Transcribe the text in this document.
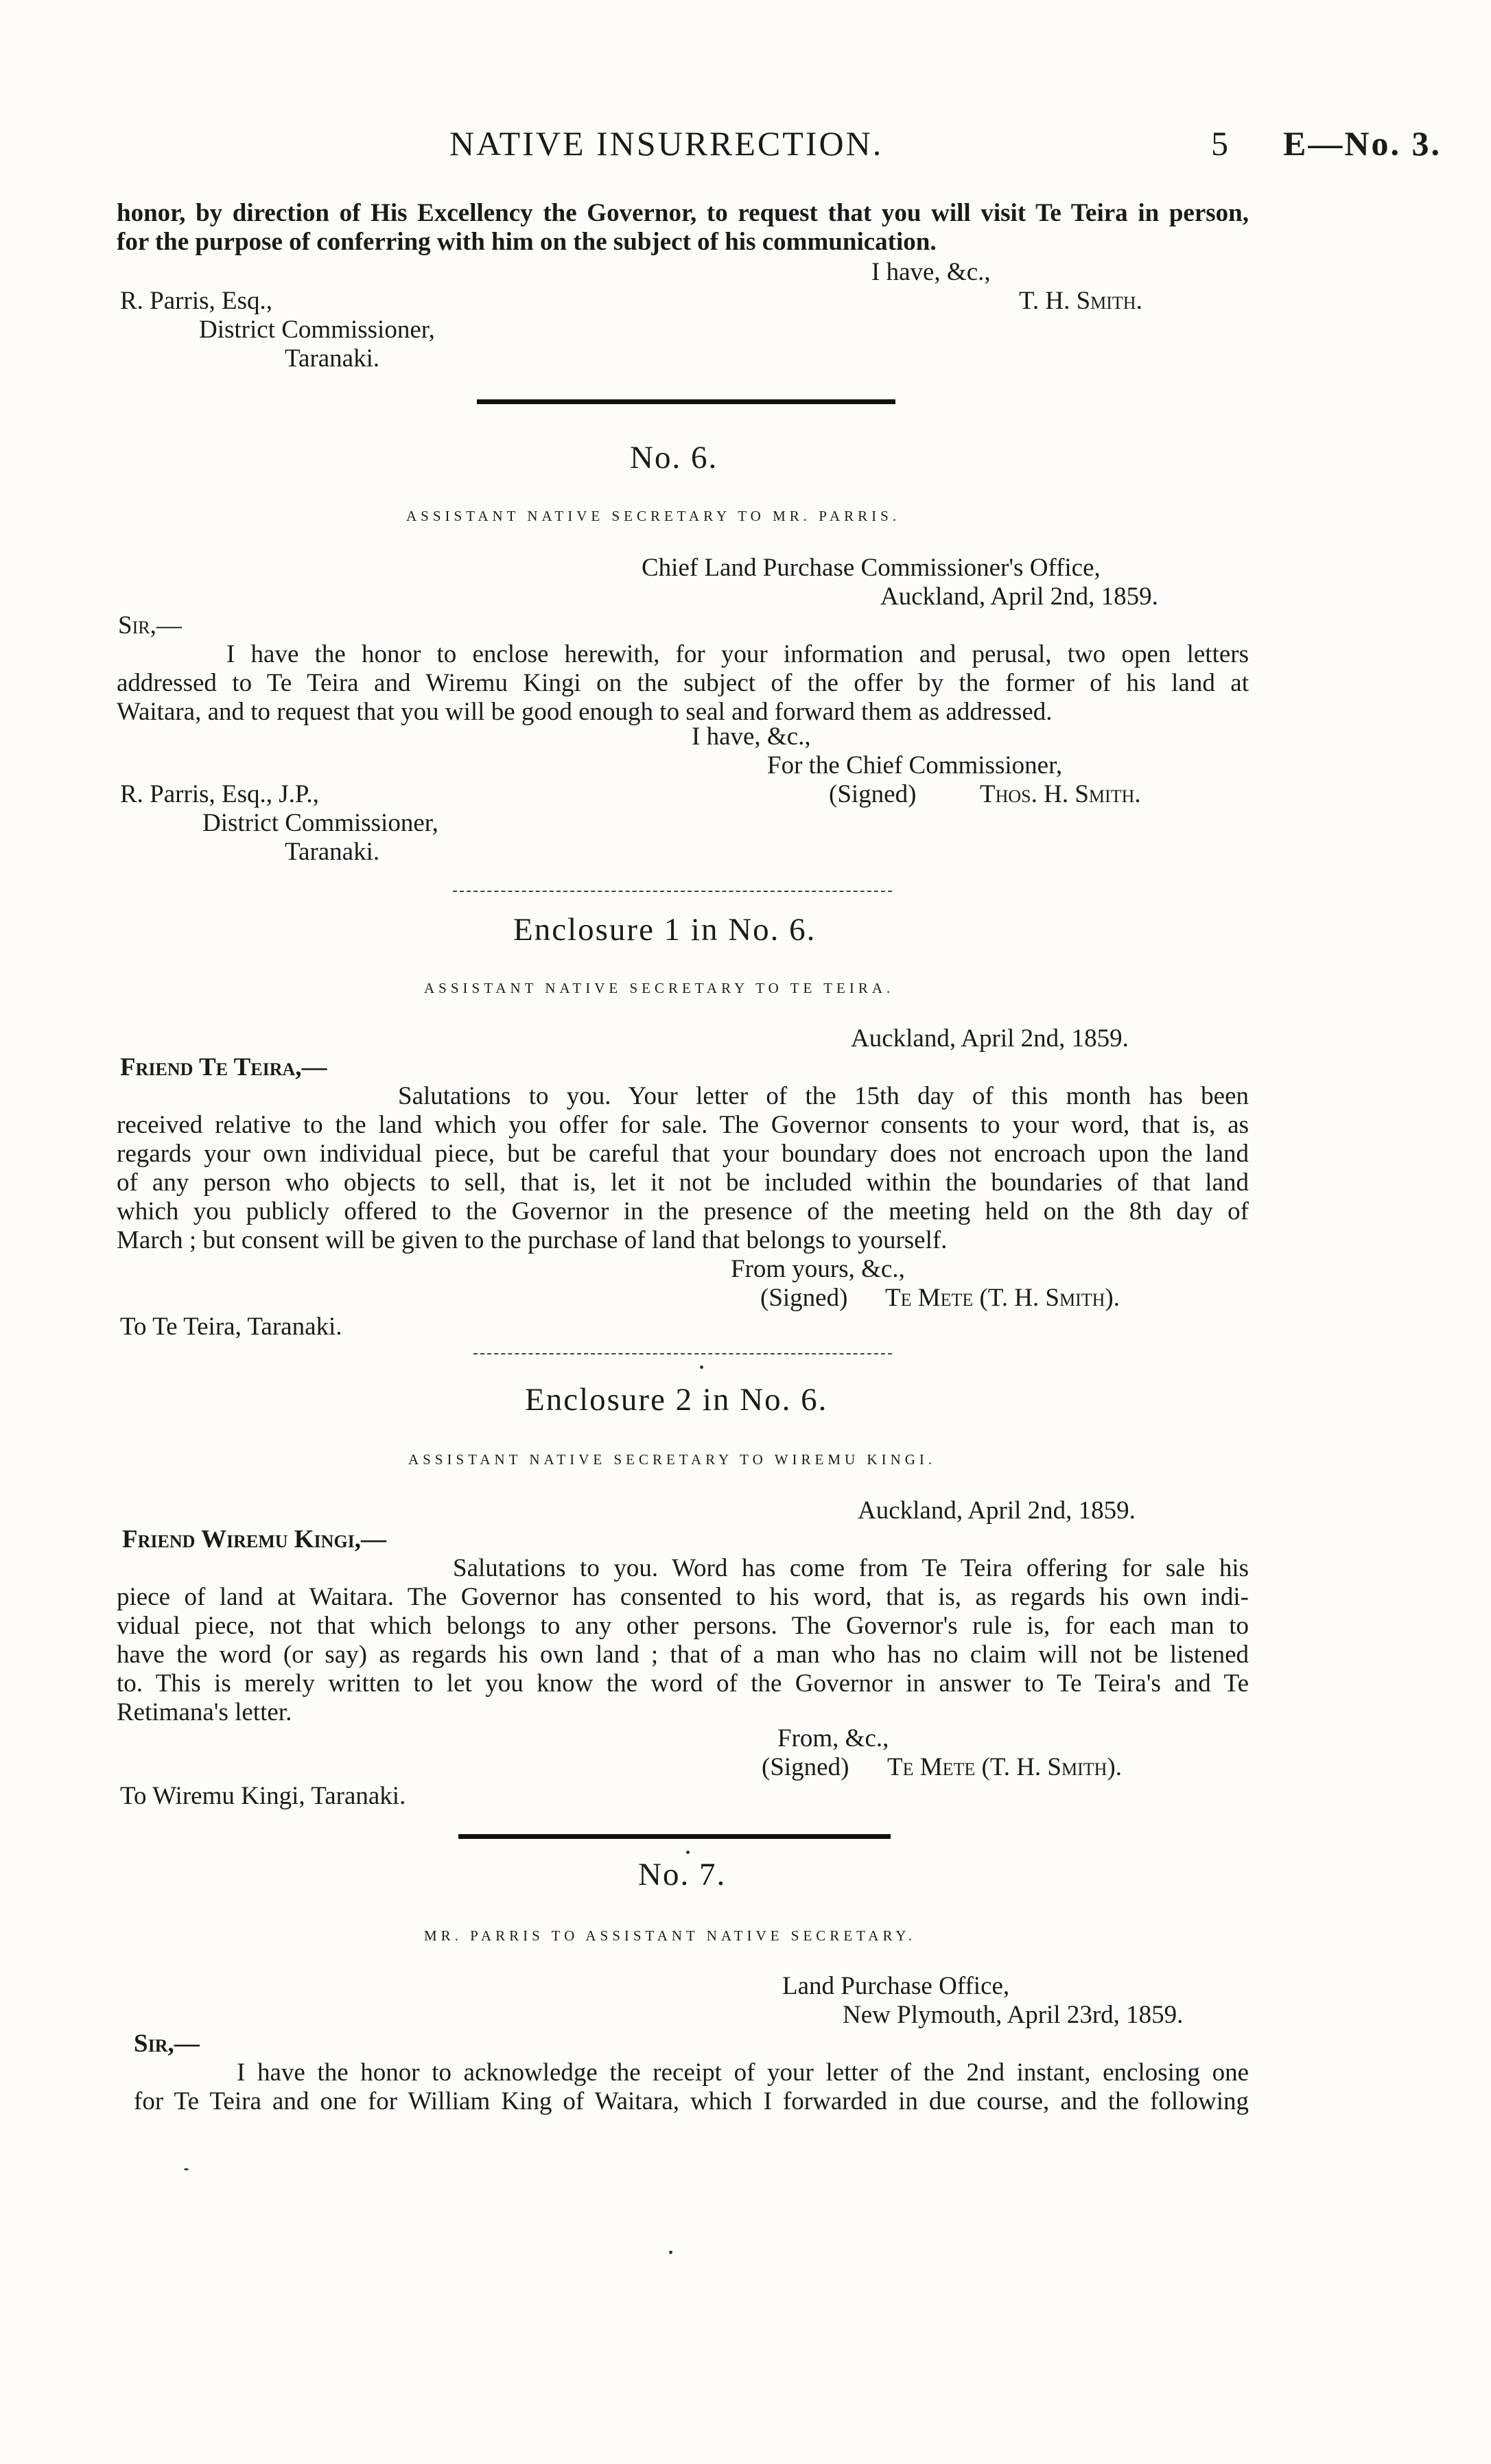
NATIVE INSURRECTION.	5 E—No. 3.
honor, by direction of His Excellency the Governor, to request that you will visit Te Teira in person,
for the purpose of conferring with him on the subject of his communication.
I have, &c.,
T. H. Smith.
R. Parris, Esq.,
District Commissioner,
Taranaki.
No. 6.
ASSISTANT NATIVE SECRETARY TO MR. PARRIS.
Chief Land Purchase Commissioner's Office,
Auckland, April 2nd, 1859.
Sir,—
I have the honor to enclose herewith, for your information and perusal, two open letters
addressed to Te Teira and Wiremu Kingi on the subject of the offer by the former of his land at
Waitara, and to request that you will be good enough to seal and forward them as addressed.
I have, &c.,
For the Chief Commissioner,
(Signed)	Thos. H. Smith.
R. Parris, Esq., J.P.,
District Commissioner,
Taranaki.
Enclosure 1 in No. 6.
ASSISTANT NATIVE SECRETARY TO TE TEIRA.
Auckland, April 2nd, 1859.
Friend Te Teira,—
Salutations to you. Your letter of the 15th day of this month has been
received relative to the land which you offer for sale. The Governor consents to your word, that is, as
regards your own individual piece, but be careful that your boundary does not encroach upon the land
of any person who objects to sell, that is, let it not be included within the boundaries of that land
which you publicly offered to the Governor in the presence of the meeting held on the 8th day of
March ; but consent will be given to the purchase of land that belongs to yourself.
From yours, &c.,
(Signed) Te Mete (T. H. Smith).
To Te Teira, Taranaki.
Enclosure 2 in No. 6.
ASSISTANT NATIVE SECRETARY TO WIREMU KINGI.
Auckland, April 2nd, 1859.
Friend Wiremu Kingi,—
Salutations to you. Word has come from Te Teira offering for sale his
piece of land at Waitara. The Governor has consented to his word, that is, as regards his own indi-
vidual piece, not that which belongs to any other persons. The Governor's rule is, for each man to
have the word (or say) as regards his own land ; that of a man who has no claim will not be listened
to. This is merely written to let you know the word of the Governor in answer to Te Teira's and Te
Retimana's letter.
From, &c.,
(Signed) Te Mete (T. H. Smith).
To Wiremu Kingi, Taranaki.
No. 7.
MR. PARRIS TO ASSISTANT NATIVE SECRETARY.
Land Purchase Office,
New Plymouth, April 23rd, 1859.
Sir,—
I have the honor to acknowledge the receipt of your letter of the 2nd instant, enclosing one
for Te Teira and one for William King of Waitara, which I forwarded in due course, and the following
